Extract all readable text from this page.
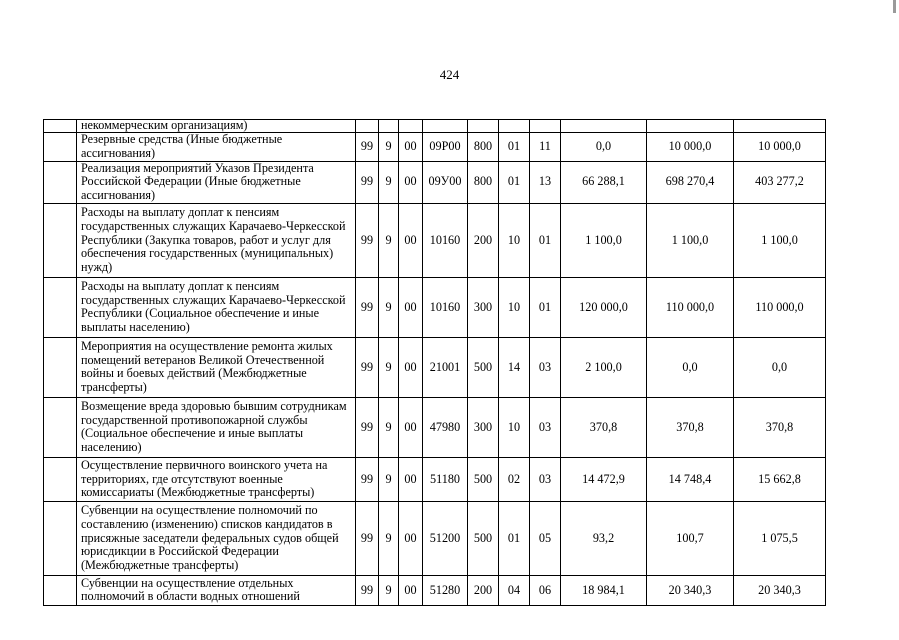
424
	некоммерческим организациям)										
	Резервные средства (Иные бюджетные ассигнования)	99	9	00	09Р00	800	01	11	0,0	10 000,0	10 000,0
	Реализация мероприятий Указов Президента Российской Федерации (Иные бюджетные ассигнования)	99	9	00	09У00	800	01	13	66 288,1	698 270,4	403 277,2
	Расходы на выплату доплат к пенсиям государственных служащих Карачаево-Черкесской Республики (Закупка товаров, работ и услуг для обеспечения государственных (муниципальных) нужд)	99	9	00	10160	200	10	01	1 100,0	1 100,0	1 100,0
	Расходы на выплату доплат к пенсиям государственных служащих Карачаево-Черкесской Республики (Социальное обеспечение и иные выплаты населению)	99	9	00	10160	300	10	01	120 000,0	110 000,0	110 000,0
	Мероприятия на осуществление ремонта жилых помещений ветеранов Великой Отечественной войны и боевых действий (Межбюджетные трансферты)	99	9	00	21001	500	14	03	2 100,0	0,0	0,0
	Возмещение вреда здоровью бывшим сотрудникам государственной противопожарной службы (Социальное обеспечение и иные выплаты населению)	99	9	00	47980	300	10	03	370,8	370,8	370,8
	Осуществление первичного воинского учета на территориях, где отсутствуют военные комиссариаты (Межбюджетные трансферты)	99	9	00	51180	500	02	03	14 472,9	14 748,4	15 662,8
	Субвенции на осуществление полномочий по составлению (изменению) списков кандидатов в присяжные заседатели федеральных судов общей юрисдикции в Российской Федерации (Межбюджетные трансферты)	99	9	00	51200	500	01	05	93,2	100,7	1 075,5
	Субвенции на осуществление отдельных полномочий в области водных отношений	99	9	00	51280	200	04	06	18 984,1	20 340,3	20 340,3
